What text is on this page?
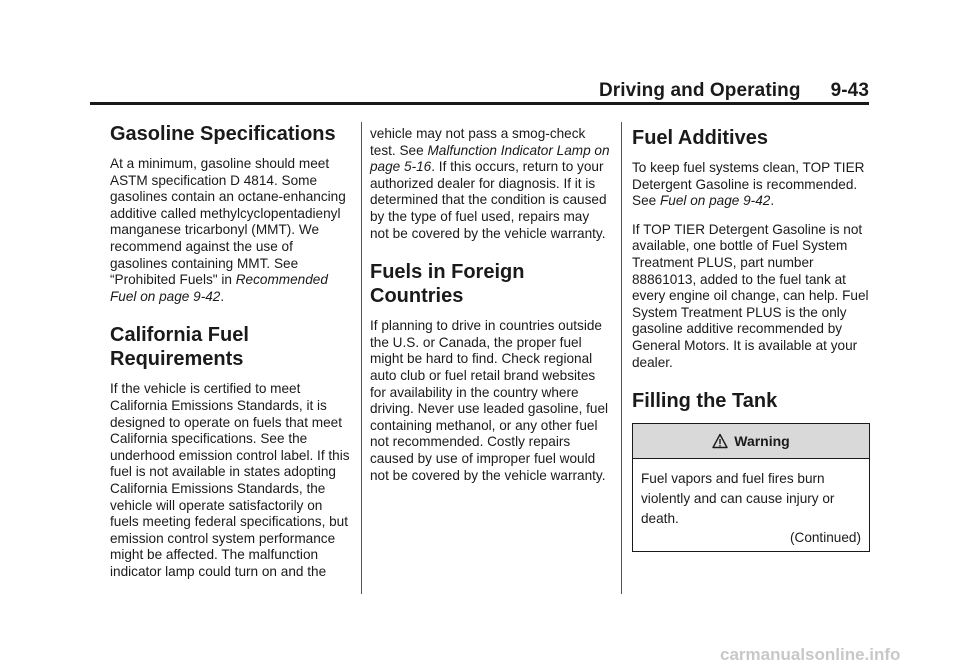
Driving and Operating 9-43
Gasoline Specifications

At a minimum, gasoline should meet ASTM specification D 4814. Some gasolines contain an octane-enhancing additive called methylcyclopentadienyl manganese tricarbonyl (MMT). We recommend against the use of gasolines containing MMT. See “Prohibited Fuels" in Recommended Fuel on page 9-42.

California Fuel Requirements

If the vehicle is certified to meet California Emissions Standards, it is designed to operate on fuels that meet California specifications. See the underhood emission control label. If this fuel is not available in states adopting California Emissions Standards, the vehicle will operate satisfactorily on fuels meeting federal specifications, but emission control system performance might be affected. The malfunction indicator lamp could turn on and the

vehicle may not pass a smog-check test. See Malfunction Indicator Lamp on page 5-16. If this occurs, return to your authorized dealer for diagnosis. If it is determined that the condition is caused by the type of fuel used, repairs may not be covered by the vehicle warranty.

Fuels in Foreign Countries

If planning to drive in countries outside the U.S. or Canada, the proper fuel might be hard to find. Check regional auto club or fuel retail brand websites for availability in the country where driving. Never use leaded gasoline, fuel containing methanol, or any other fuel not recommended. Costly repairs caused by use of improper fuel would not be covered by the vehicle warranty.

Fuel Additives

To keep fuel systems clean, TOP TIER Detergent Gasoline is recommended. See Fuel on page 9-42.

If TOP TIER Detergent Gasoline is not available, one bottle of Fuel System Treatment PLUS, part number 88861013, added to the fuel tank at every engine oil change, can help. Fuel System Treatment PLUS is the only gasoline additive recommended by General Motors. It is available at your dealer.

Filling the Tank
Warning
Fuel vapors and fuel fires burn violently and can cause injury or death.
(Continued)
carmanualsonline.info
